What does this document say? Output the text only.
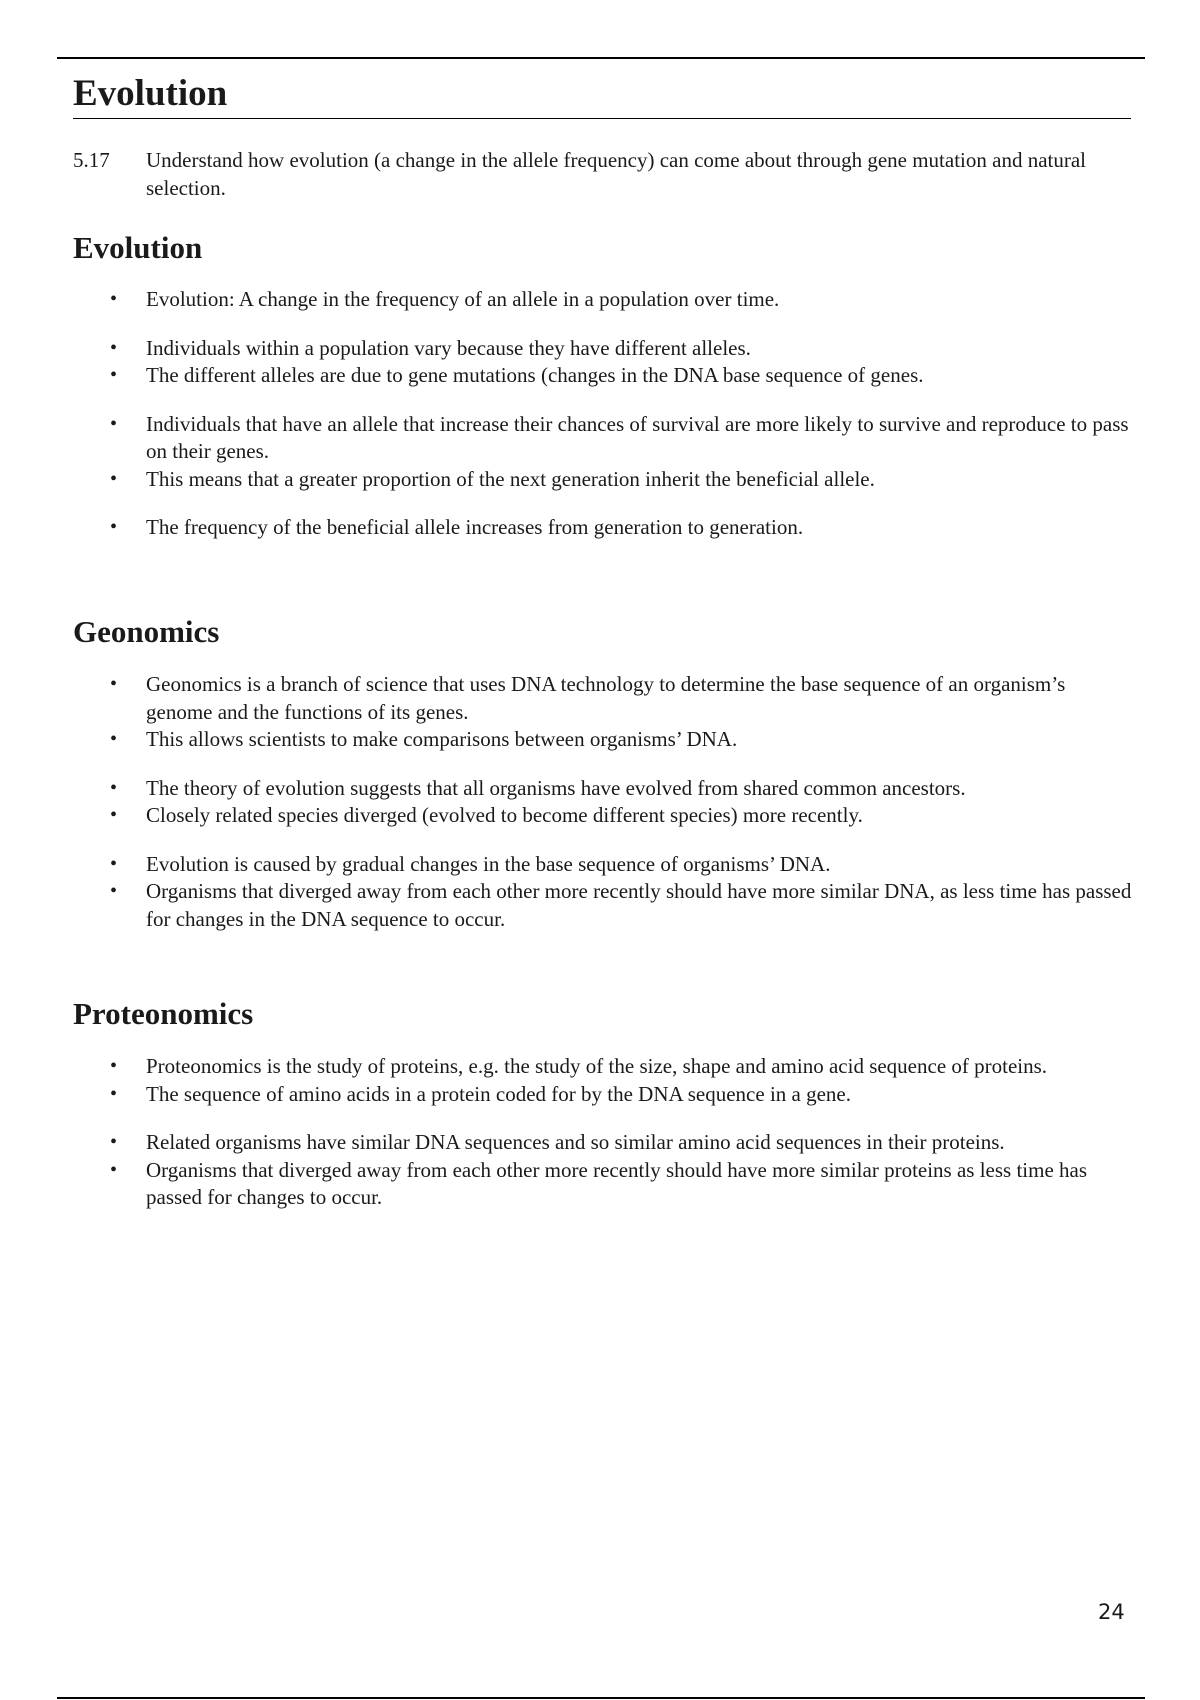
Evolution
5.17 Understand how evolution (a change in the allele frequency) can come about through gene mutation and natural selection.
Evolution
• Evolution: A change in the frequency of an allele in a population over time.
• Individuals within a population vary because they have different alleles.
• The different alleles are due to gene mutations (changes in the DNA base sequence of genes.
• Individuals that have an allele that increase their chances of survival are more likely to survive and reproduce to pass on their genes.
• This means that a greater proportion of the next generation inherit the beneficial allele.
• The frequency of the beneficial allele increases from generation to generation.
Geonomics
• Geonomics is a branch of science that uses DNA technology to determine the base sequence of an organism’s genome and the functions of its genes.
• This allows scientists to make comparisons between organisms’ DNA.
• The theory of evolution suggests that all organisms have evolved from shared common ancestors.
• Closely related species diverged (evolved to become different species) more recently.
• Evolution is caused by gradual changes in the base sequence of organisms’ DNA.
• Organisms that diverged away from each other more recently should have more similar DNA, as less time has passed for changes in the DNA sequence to occur.
Proteonomics
• Proteonomics is the study of proteins, e.g. the study of the size, shape and amino acid sequence of proteins.
• The sequence of amino acids in a protein coded for by the DNA sequence in a gene.
• Related organisms have similar DNA sequences and so similar amino acid sequences in their proteins.
• Organisms that diverged away from each other more recently should have more similar proteins as less time has passed for changes to occur.
24
